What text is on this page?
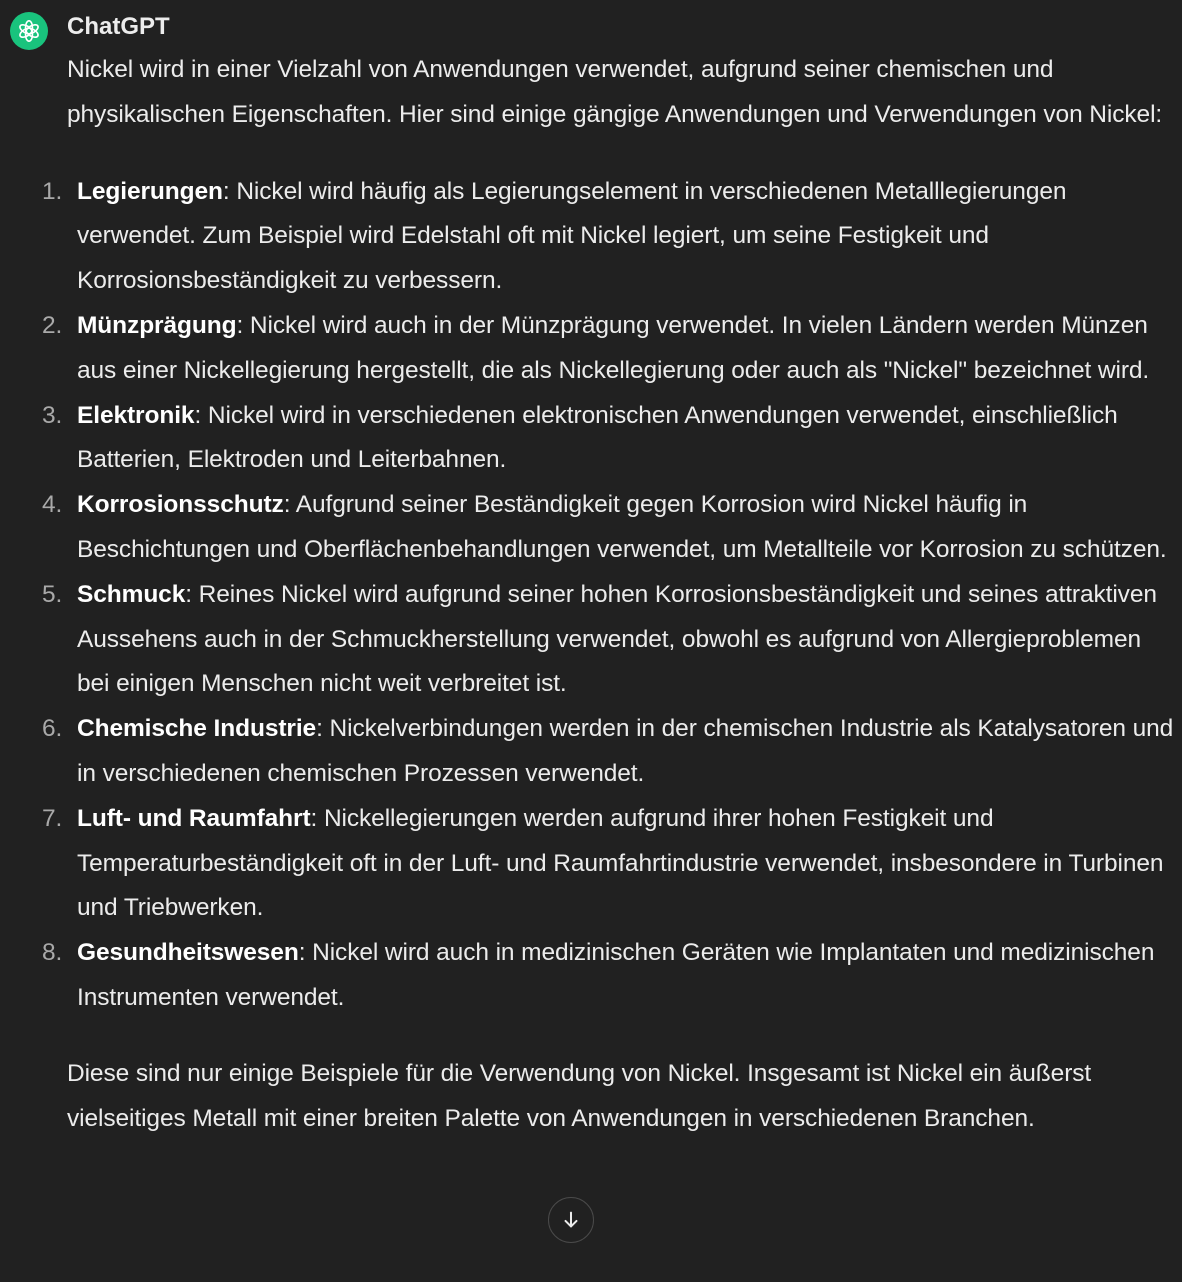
ChatGPT

Nickel wird in einer Vielzahl von Anwendungen verwendet, aufgrund seiner chemischen und physikalischen Eigenschaften. Hier sind einige gängige Anwendungen und Verwendungen von Nickel:

1. Legierungen: Nickel wird häufig als Legierungselement in verschiedenen Metalllegierungen verwendet. Zum Beispiel wird Edelstahl oft mit Nickel legiert, um seine Festigkeit und Korrosionsbeständigkeit zu verbessern.
2. Münzprägung: Nickel wird auch in der Münzprägung verwendet. In vielen Ländern werden Münzen aus einer Nickellegierung hergestellt, die als Nickellegierung oder auch als "Nickel" bezeichnet wird.
3. Elektronik: Nickel wird in verschiedenen elektronischen Anwendungen verwendet, einschließlich Batterien, Elektroden und Leiterbahnen.
4. Korrosionsschutz: Aufgrund seiner Beständigkeit gegen Korrosion wird Nickel häufig in Beschichtungen und Oberflächenbehandlungen verwendet, um Metallteile vor Korrosion zu schützen.
5. Schmuck: Reines Nickel wird aufgrund seiner hohen Korrosionsbeständigkeit und seines attraktiven Aussehens auch in der Schmuckherstellung verwendet, obwohl es aufgrund von Allergieproblemen bei einigen Menschen nicht weit verbreitet ist.
6. Chemische Industrie: Nickelverbindungen werden in der chemischen Industrie als Katalysatoren und in verschiedenen chemischen Prozessen verwendet.
7. Luft- und Raumfahrt: Nickellegierungen werden aufgrund ihrer hohen Festigkeit und Temperaturbeständigkeit oft in der Luft- und Raumfahrtindustrie verwendet, insbesondere in Turbinen und Triebwerken.
8. Gesundheitswesen: Nickel wird auch in medizinischen Geräten wie Implantaten und medizinischen Instrumenten verwendet.

Diese sind nur einige Beispiele für die Verwendung von Nickel. Insgesamt ist Nickel ein äußerst vielseitiges Metall mit einer breiten Palette von Anwendungen in verschiedenen Branchen.
